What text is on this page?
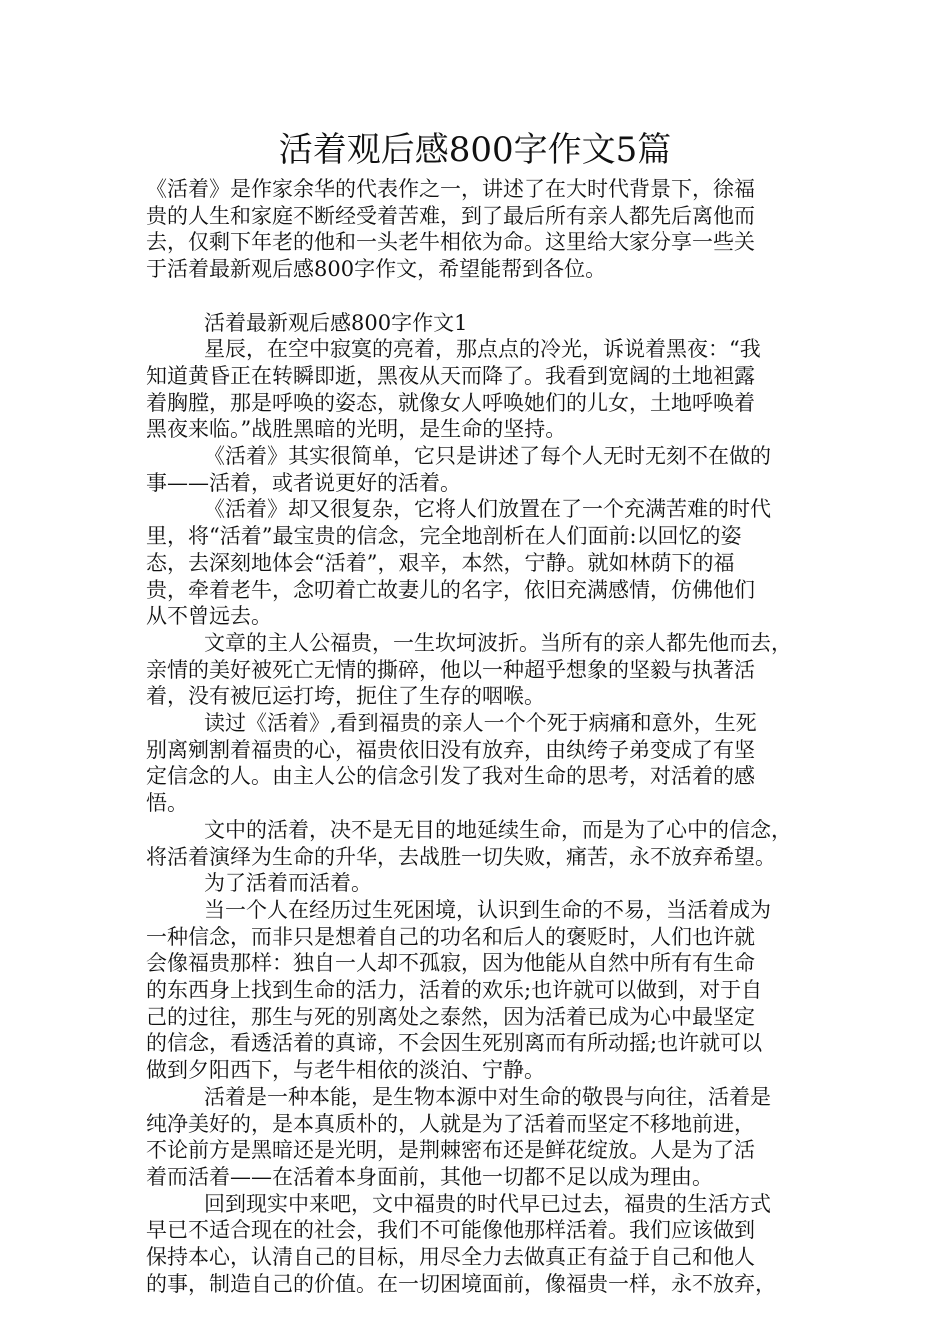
活着观后感800字作文5篇

《活着》是作家余华的代表作之一，讲述了在大时代背景下，徐福
贵的人生和家庭不断经受着苦难，到了最后所有亲人都先后离他而
去，仅剩下年老的他和一头老牛相依为命。这里给大家分享一些关
于活着最新观后感800字作文，希望能帮到各位。

活着最新观后感800字作文1

星辰，在空中寂寞的亮着，那点点的冷光，诉说着黑夜：“我
知道黄昏正在转瞬即逝，黑夜从天而降了。我看到宽阔的土地袒露
着胸膛，那是呼唤的姿态，就像女人呼唤她们的儿女，土地呼唤着
黑夜来临。”战胜黑暗的光明，是生命的坚持。

《活着》其实很简单，它只是讲述了每个人无时无刻不在做的
事——活着，或者说更好的活着。

《活着》却又很复杂，它将人们放置在了一个充满苦难的时代
里，将“活着”最宝贵的信念，完全地剖析在人们面前:以回忆的姿
态，去深刻地体会“活着”，艰辛，本然，宁静。就如林荫下的福
贵，牵着老牛，念叨着亡故妻儿的名字，依旧充满感情，仿佛他们
从不曾远去。

文章的主人公福贵，一生坎坷波折。当所有的亲人都先他而去，
亲情的美好被死亡无情的撕碎，他以一种超乎想象的坚毅与执著活
着，没有被厄运打垮，扼住了生存的咽喉。

读过《活着》,看到福贵的亲人一个个死于病痛和意外，生死
别离剜割着福贵的心，福贵依旧没有放弃，由纨绔子弟变成了有坚
定信念的人。由主人公的信念引发了我对生命的思考，对活着的感
悟。

文中的活着，决不是无目的地延续生命，而是为了心中的信念，
将活着演绎为生命的升华，去战胜一切失败，痛苦，永不放弃希望。

为了活着而活着。

当一个人在经历过生死困境，认识到生命的不易，当活着成为
一种信念，而非只是想着自己的功名和后人的褒贬时，人们也许就
会像福贵那样：独自一人却不孤寂，因为他能从自然中所有有生命
的东西身上找到生命的活力，活着的欢乐;也许就可以做到，对于自
己的过往，那生与死的别离处之泰然，因为活着已成为心中最坚定
的信念，看透活着的真谛，不会因生死别离而有所动摇;也许就可以
做到夕阳西下，与老牛相依的淡泊、宁静。

活着是一种本能，是生物本源中对生命的敬畏与向往，活着是
纯净美好的，是本真质朴的，人就是为了活着而坚定不移地前进，
不论前方是黑暗还是光明，是荆棘密布还是鲜花绽放。人是为了活
着而活着——在活着本身面前，其他一切都不足以成为理由。

回到现实中来吧，文中福贵的时代早已过去，福贵的生活方式
早已不适合现在的社会，我们不可能像他那样活着。我们应该做到
保持本心，认清自己的目标，用尽全力去做真正有益于自己和他人
的事，制造自己的价值。在一切困境面前，像福贵一样，永不放弃，
